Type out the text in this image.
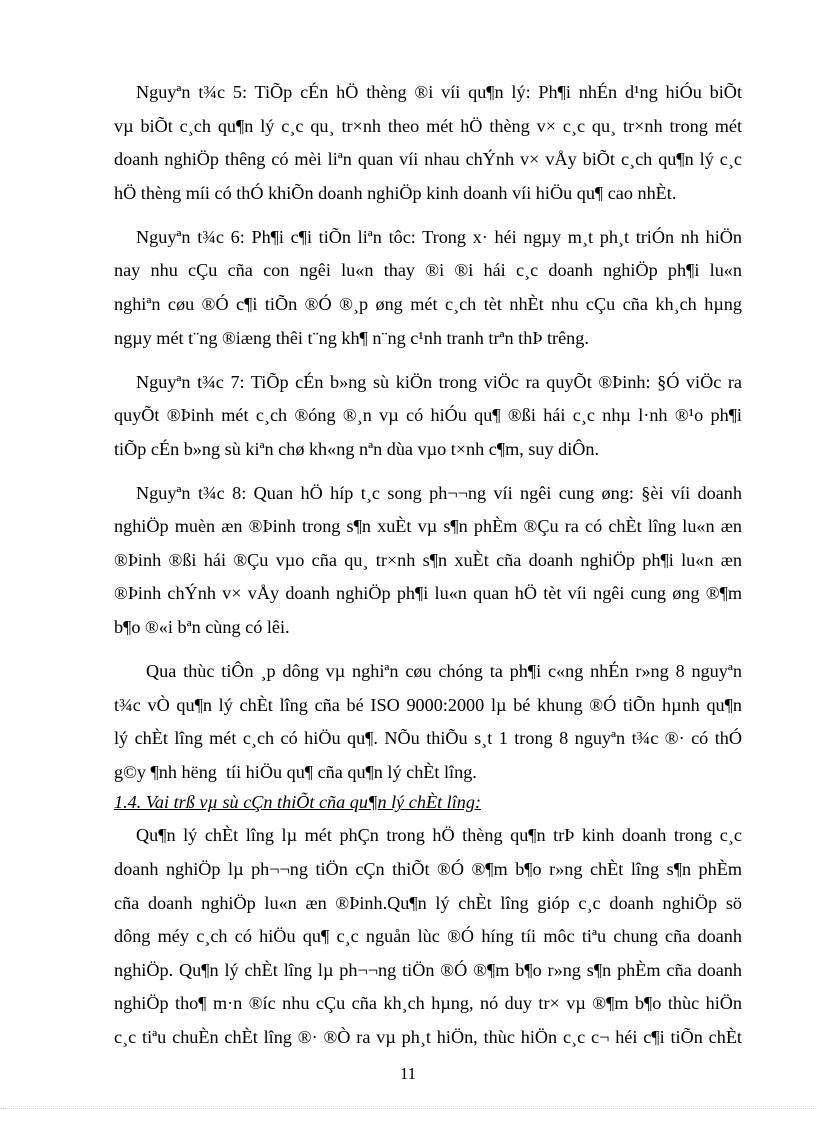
Nguyªn t¾c 5: TiÕp cÉn hÖ thèng ®i víi qu¶n lý: Ph¶i nhÉn d¹ng hiÓu biÕt
vµ biÕt c¸ch qu¶n lý c¸c qu¸ tr×nh theo mét hÖ thèng v× c¸c qu¸ tr×nh trong mét
doanh nghiÖp thêng có mèi liªn quan víi nhau chÝnh v× vÅy biÕt c¸ch qu¶n lý c¸c
hÖ thèng míi có thÓ khiÕn doanh nghiÖp kinh doanh víi hiÖu qu¶ cao nhÈt.
Nguyªn t¾c 6: Ph¶i c¶i tiÕn liªn tôc: Trong x· héi ngµy m¸t ph¸t triÓn nh hiÖn
nay nhu cÇu cña con ngêi lu«n thay ®i ®i hái c¸c doanh nghiÖp ph¶i lu«n
nghiªn cøu ®Ó c¶i tiÕn ®Ó ®¸p øng mét c¸ch tèt nhÈt nhu cÇu cña kh¸ch hµng
ngµy mét t¨ng ®iæng thêi t¨ng kh¶ n¨ng c¹nh tranh trªn thÞ trêng.
Nguyªn t¾c 7: TiÕp cÉn b»ng sù kiÖn trong viÖc ra quyÕt ®Þinh: §Ó viÖc ra
quyÕt ®Þinh mét c¸ch ®óng ®¸n vµ có hiÓu qu¶ ®ßi hái c¸c nhµ l·nh ®¹o ph¶i
tiÕp cÉn b»ng sù kiªn chø kh«ng nªn dùa vµo t×nh c¶m, suy diÔn.
Nguyªn t¾c 8: Quan hÖ híp t¸c song ph¬¬ng víi ngêi cung øng: §èi víi doanh
nghiÖp muèn æn ®Þinh trong s¶n xuÈt vµ s¶n phÈm ®Çu ra có chÈt lîng lu«n æn
®Þinh ®ßi hái ®Çu vµo cña qu¸ tr×nh s¶n xuÈt cña doanh nghiÖp ph¶i lu«n æn
®Þinh chÝnh v× vÅy doanh nghiÖp ph¶i lu«n quan hÖ tèt víi ngêi cung øng ®¶m
b¶o ®«i bªn cùng có lêi.
Qua thùc tiÔn ¸p dông vµ nghiªn cøu chóng ta ph¶i c«ng nhÉn r»ng 8 nguyªn
t¾c vÒ qu¶n lý chÈt lîng cña bé ISO 9000:2000 lµ bé khung ®Ó tiÕn hµnh qu¶n
lý chÈt lîng mét c¸ch có hiÖu qu¶. NÕu thiÕu s¸t 1 trong 8 nguyªn t¾c ®· có thÓ
g©y ¶nh hëng  tíi hiÖu qu¶ cña qu¶n lý chÈt lîng.
1.4. Vai trß vµ sù cÇn thiÕt cña qu¶n lý chÈt lîng:
Qu¶n lý chÈt lîng lµ mét phÇn trong hÖ thèng qu¶n trÞ kinh doanh trong c¸c
doanh nghiÖp lµ ph¬¬ng tiÖn cÇn thiÕt ®Ó ®¶m b¶o r»ng chÈt lîng s¶n phÈm
cña doanh nghiÖp lu«n æn ®Þinh.Qu¶n lý chÈt lîng gióp c¸c doanh nghiÖp sö
dông méy c¸ch có hiÖu qu¶ c¸c nguån lùc ®Ó híng tíi môc tiªu chung cña doanh
nghiÖp. Qu¶n lý chÈt lîng lµ ph¬¬ng tiÖn ®Ó ®¶m b¶o r»ng s¶n phÈm cña doanh
nghiÖp tho¶ m·n ®íc nhu cÇu cña kh¸ch hµng, nó duy tr× vµ ®¶m b¶o thùc hiÖn
c¸c tiªu chuÈn chÈt lîng ®· ®Ò ra vµ ph¸t hiÖn, thùc hiÖn c¸c c¬ héi c¶i tiÕn chÈt
11
